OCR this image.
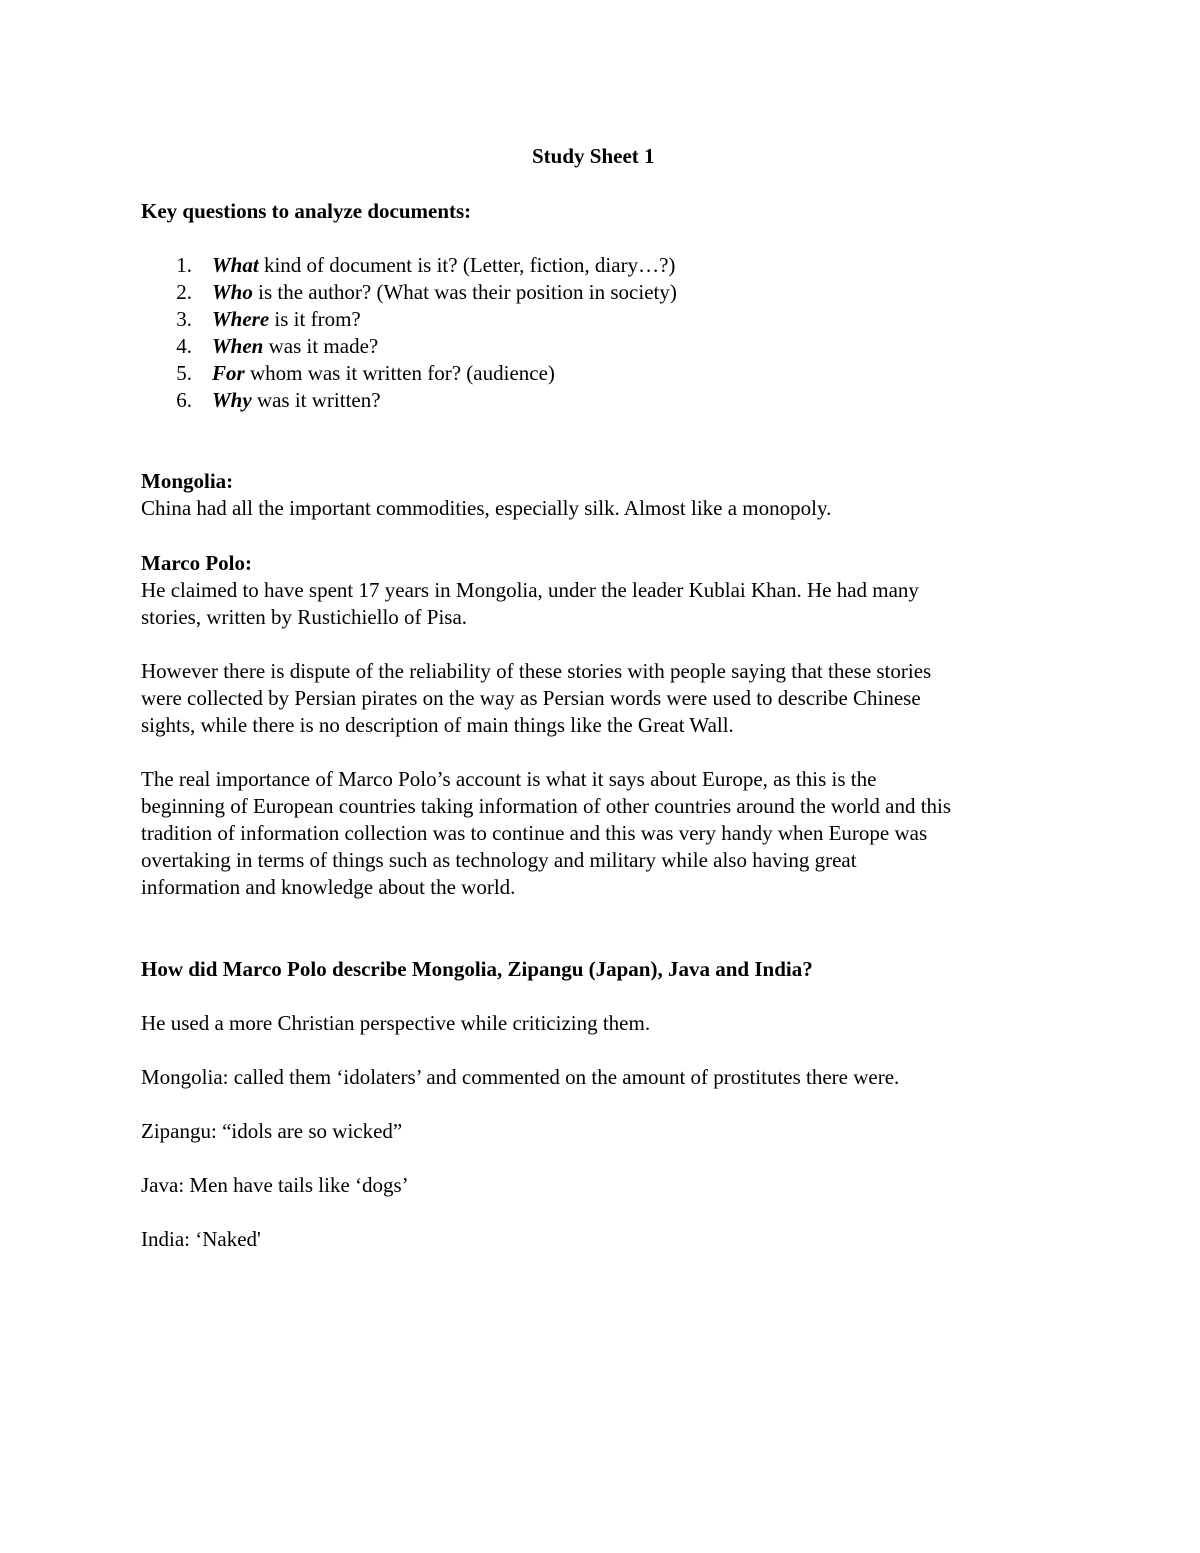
Study Sheet 1
Key questions to analyze documents:
1. What kind of document is it? (Letter, fiction, diary…?)
2. Who is the author? (What was their position in society)
3. Where is it from?
4. When was it made?
5. For whom was it written for? (audience)
6. Why was it written?
Mongolia:
China had all the important commodities, especially silk. Almost like a monopoly.
Marco Polo:
He claimed to have spent 17 years in Mongolia, under the leader Kublai Khan. He had many
stories, written by Rustichiello of Pisa.
However there is dispute of the reliability of these stories with people saying that these stories
were collected by Persian pirates on the way as Persian words were used to describe Chinese
sights, while there is no description of main things like the Great Wall.
The real importance of Marco Polo’s account is what it says about Europe, as this is the
beginning of European countries taking information of other countries around the world and this
tradition of information collection was to continue and this was very handy when Europe was
overtaking in terms of things such as technology and military while also having great
information and knowledge about the world.
How did Marco Polo describe Mongolia, Zipangu (Japan), Java and India?
He used a more Christian perspective while criticizing them.
Mongolia: called them ‘idolaters’ and commented on the amount of prostitutes there were.
Zipangu: “idols are so wicked”
Java: Men have tails like ‘dogs’
India: ‘Naked'
